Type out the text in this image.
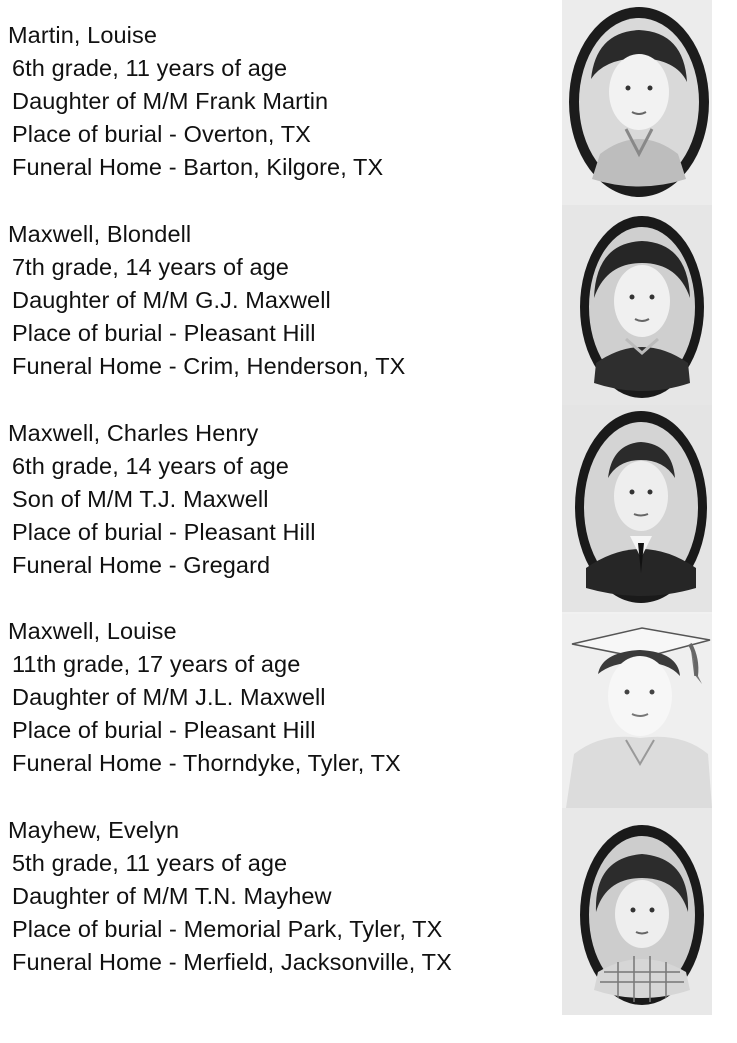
Martin, Louise
6th grade, 11 years of age
Daughter of M/M Frank Martin
Place of burial - Overton, TX
Funeral Home - Barton, Kilgore, TX
Maxwell, Blondell
7th grade, 14 years of age
Daughter of M/M G.J. Maxwell
Place of burial - Pleasant Hill
Funeral Home - Crim, Henderson, TX
Maxwell, Charles Henry
6th grade, 14 years of age
Son of M/M T.J. Maxwell
Place of burial - Pleasant Hill
Funeral Home - Gregard
Maxwell, Louise
11th grade, 17 years of age
Daughter of M/M J.L. Maxwell
Place of burial - Pleasant Hill
Funeral Home - Thorndyke, Tyler, TX
Mayhew, Evelyn
5th grade, 11 years of age
Daughter of M/M T.N. Mayhew
Place of burial - Memorial Park, Tyler, TX
Funeral Home - Merfield, Jacksonville, TX
